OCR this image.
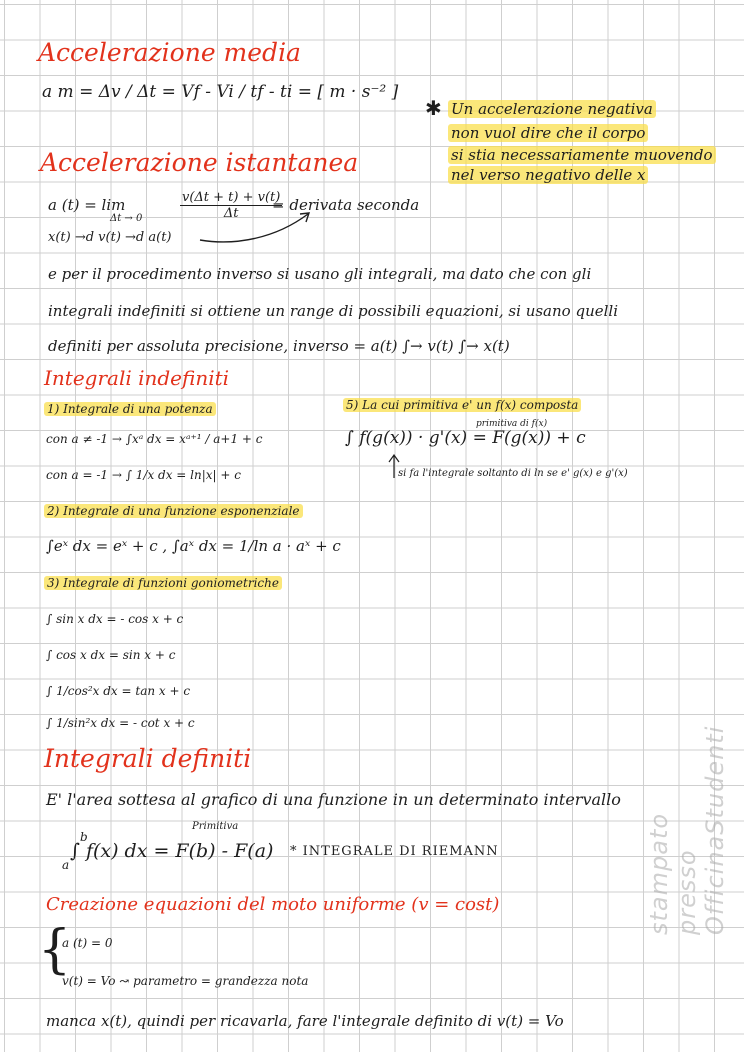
Accelerazione media
a m = Δv / Δt = Vf - Vi / tf - ti = [ m · s⁻² ]
✱ Un accelerazione negativa
non vuol dire che il corpo
si stia necessariamente muovendo
nel verso negativo delle x
Accelerazione istantanea
a (t) = lim
Δt → 0	$\frac{v(\Delta t + t) + v(t)}{\Delta t}$
= derivata seconda
x(t) →d v(t) →d a(t)
e per il procedimento inverso si usano gli integrali, ma dato che con gli
integrali indefiniti si ottiene un range di possibili equazioni, si usano quelli
definiti per assoluta precisione, inverso = a(t) ∫→ v(t) ∫→ x(t)
Integrali indefiniti
1) Integrale di una potenza
con a ≠ -1 → ∫xᵃ dx = xᵃ⁺¹ / a+1 + c
con a = -1 → ∫ 1/x dx = ln|x| + c
2) Integrale di una funzione esponenziale
∫eˣ dx = eˣ + c , ∫aˣ dx = 1/ln a · aˣ + c
3) Integrale di funzioni goniometriche
∫ sin x dx = - cos x + c
∫ cos x dx = sin x + c
∫ 1/cos²x dx = tan x + c
∫ 1/sin²x dx = - cot x + c
5) La cui primitiva e' un f(x) composta
primitiva di f(x)
∫ f(g(x)) · g'(x) = F(g(x)) + c
si fa l'integrale soltanto di ln se e' g(x) e g'(x)
Integrali definiti
E' l'area sottesa al grafico di una funzione in un determinato intervallo
b
a
Primitiva
∫ f(x) dx = F(b) - F(a) * INTEGRALE DI RIEMANN
Creazione equazioni del moto uniforme (v = cost)
{
a (t) = 0
v(t) = Vo ↝ parametro = grandezza nota
manca x(t), quindi per ricavarla, fare l'integrale definito di v(t) = Vo
stampato presso OfficinaStudenti
